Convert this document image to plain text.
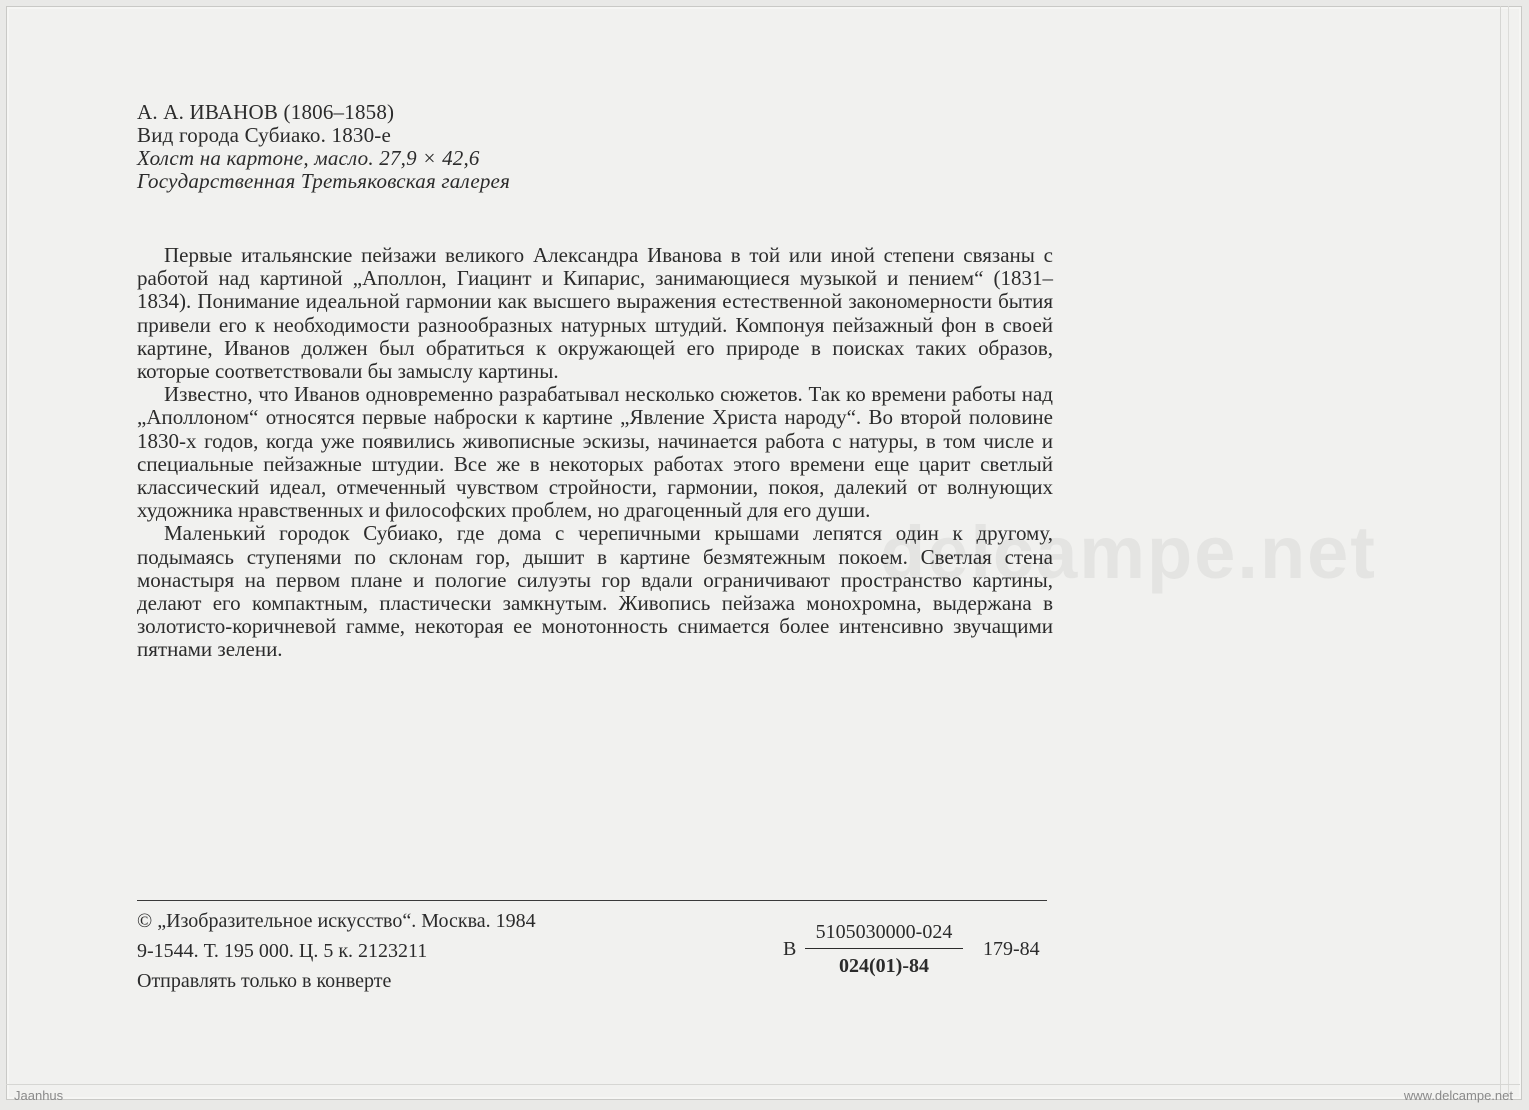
delcampe.net
А. А. ИВАНОВ (1806–1858)
Вид города Субиако. 1830-е
Холст на картоне, масло. 27,9 × 42,6
Государственная Третьяковская галерея

Первые итальянские пейзажи великого Александра Иванова в той или иной степени связаны с работой над картиной „Аполлон, Гиацинт и Кипарис, занимающиеся музыкой и пением“ (1831–1834). Понимание идеальной гармонии как высшего выражения естественной закономерности бытия привели его к необходимости разнообразных натурных штудий. Компонуя пейзажный фон в своей картине, Иванов должен был обратиться к окружающей его природе в поисках таких образов, которые соответствовали бы замыслу картины.

Известно, что Иванов одновременно разрабатывал несколько сюжетов. Так ко времени работы над „Аполлоном“ относятся первые наброски к картине „Явление Христа народу“. Во второй половине 1830-х годов, когда уже появились живописные эскизы, начинается работа с натуры, в том числе и специальные пейзажные штудии. Все же в некоторых работах этого времени еще царит светлый классический идеал, отмеченный чувством стройности, гармонии, покоя, далекий от волнующих художника нравственных и философских проблем, но драгоценный для его души.

Маленький городок Субиако, где дома с черепичными крышами лепятся один к другому, подымаясь ступенями по склонам гор, дышит в картине безмятежным покоем. Светлая стена монастыря на первом плане и пологие силуэты гор вдали ограничивают пространство картины, делают его компактным, пластически замкнутым. Живопись пейзажа монохромна, выдержана в золотисто-коричневой гамме, некоторая ее монотонность снимается более интенсивно звучащими пятнами зелени.

© „Изобразительное искусство“. Москва. 1984
9-1544. Т. 195 000. Ц. 5 к. 2123211
Отправлять только в конверте
В
5105030000-024
024(01)-84
179-84
Jaanhus	www.delcampe.net
